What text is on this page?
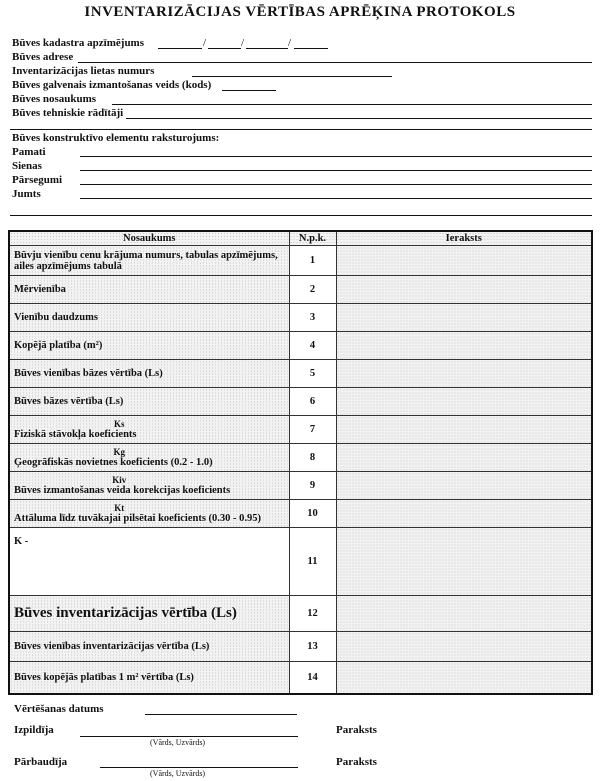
INVENTARIZĀCIJAS VĒRTĪBAS APRĒĶINA PROTOKOLS
Būves kadastra apzīmējums	/	/	/
Būves adrese
Inventarizācijas lietas numurs
Būves galvenais izmantošanas veids (kods)
Būves nosaukums
Būves tehniskie rādītāji
Būves konstruktīvo elementu raksturojums:
Pamati
Sienas
Pārsegumi
Jumts
Nosaukums	N.p.k.	Ieraksts
Būvju vienību cenu krājuma numurs, tabulas apzīmējums, ailes apzīmējums tabulā	1	
Mērvienība	2	
Vienību daudzums	3	
Kopējā platība (m²)	4	
Būves vienības bāzes vērtība (Ls)	5	
Būves bāzes vērtība (Ls)	6	

Ks
Fiziskā stāvokļa koeficients	7	

Kg
Ģeogrāfiskās novietnes koeficients (0.2 - 1.0)	8	

Kiv
Būves izmantošanas veida korekcijas koeficients	9	

Kt
Attāluma līdz tuvākajai pilsētai koeficients (0.30 - 0.95)	10	
K -	11	
Būves inventarizācijas vērtība (Ls)	12	
Būves vienības inventarizācijas vērtība (Ls)	13	
Būves kopējās platības 1 m² vērtība (Ls)	14	
Vērtēšanas datums
Izpildīja
(Vārds, Uzvārds)
Paraksts
Pārbaudīja
(Vārds, Uzvārds)
Paraksts
